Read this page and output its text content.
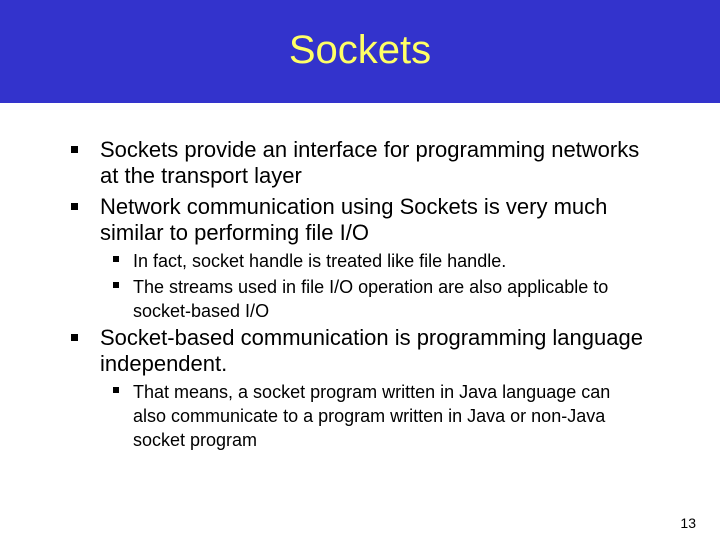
Sockets
Sockets provide an interface for programming networks
at the transport layer
Network communication using Sockets is very much
similar to performing file I/O
In fact, socket handle is treated like file handle.
The streams used in file I/O operation are also applicable to
socket-based I/O
Socket-based communication is programming language
independent.
That means, a socket program written in Java language can
also communicate to a program written in Java or non-Java
socket program
13
